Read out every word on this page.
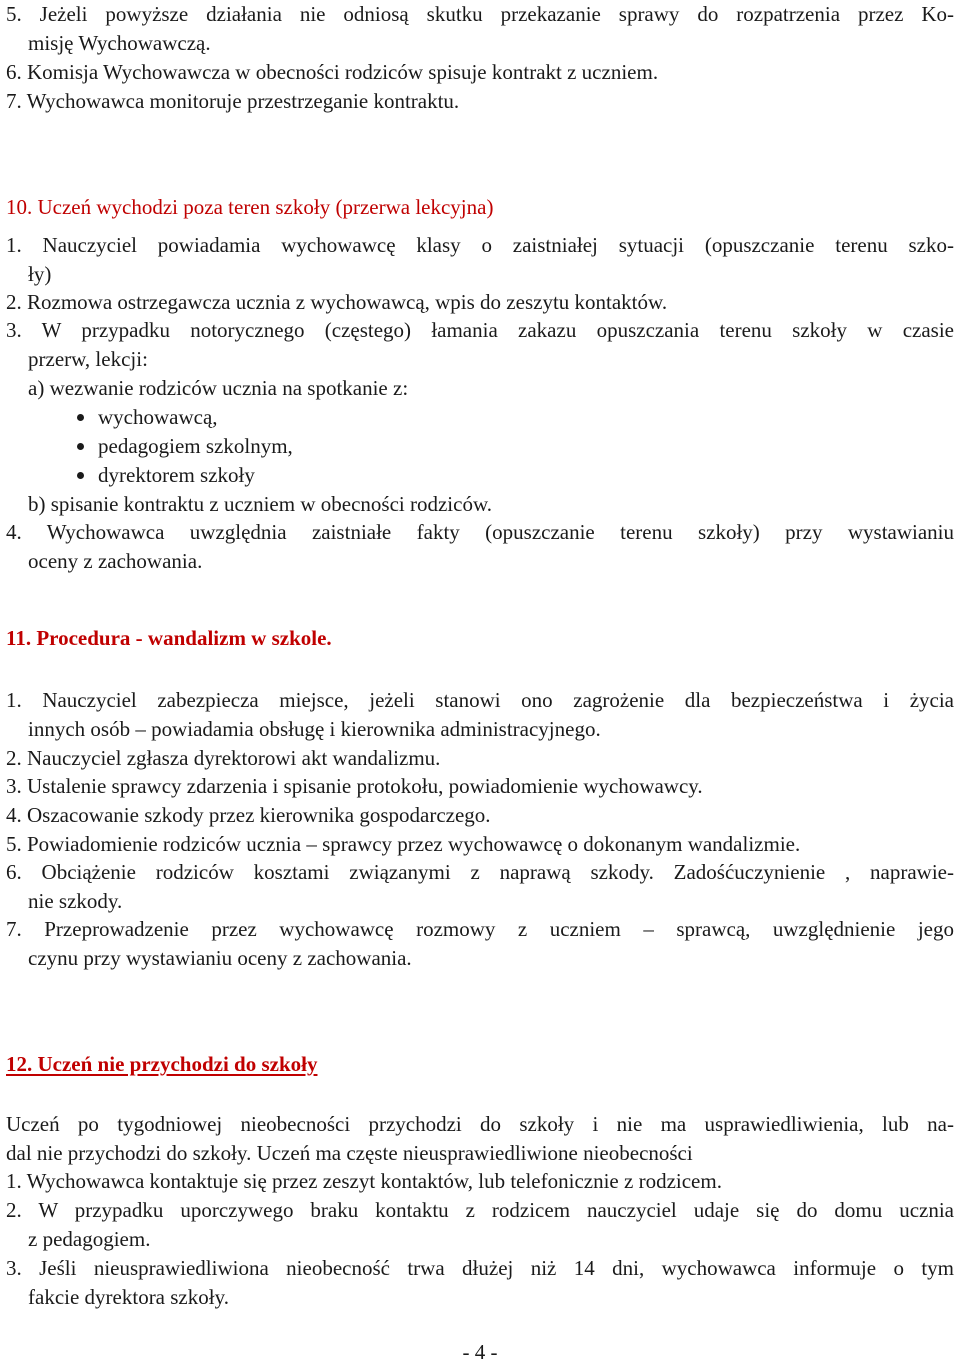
5. Jeżeli powyższe działania nie odniosą skutku przekazanie sprawy do rozpatrzenia przez Ko-
misję Wychowawczą.
6. Komisja Wychowawcza w obecności rodziców spisuje kontrakt z uczniem.
7. Wychowawca monitoruje przestrzeganie kontraktu.
10. Uczeń wychodzi poza teren szkoły (przerwa lekcyjna)
1. Nauczyciel powiadamia wychowawcę klasy o zaistniałej sytuacji (opuszczanie terenu szko-
ły)
2. Rozmowa ostrzegawcza ucznia z wychowawcą, wpis do zeszytu kontaktów.
3. W przypadku notorycznego (częstego) łamania zakazu opuszczania terenu szkoły w czasie
przerw, lekcji:
a) wezwanie rodziców ucznia na spotkanie z:
wychowawcą,
pedagogiem szkolnym,
dyrektorem szkoły
b) spisanie kontraktu z uczniem w obecności rodziców.
4. Wychowawca uwzględnia zaistniałe fakty (opuszczanie terenu szkoły) przy wystawianiu
oceny z zachowania.
11. Procedura - wandalizm w szkole.
1. Nauczyciel zabezpiecza miejsce, jeżeli stanowi ono zagrożenie dla bezpieczeństwa i życia
innych osób – powiadamia obsługę i kierownika administracyjnego.
2. Nauczyciel zgłasza dyrektorowi akt wandalizmu.
3. Ustalenie sprawcy zdarzenia i spisanie protokołu, powiadomienie wychowawcy.
4. Oszacowanie szkody przez kierownika gospodarczego.
5. Powiadomienie rodziców ucznia – sprawcy przez wychowawcę o dokonanym wandalizmie.
6. Obciążenie rodziców kosztami związanymi z naprawą szkody. Zadośćuczynienie , naprawie-
nie szkody.
7. Przeprowadzenie przez wychowawcę rozmowy z uczniem – sprawcą, uwzględnienie jego
czynu przy wystawianiu oceny z zachowania.
12. Uczeń nie przychodzi do szkoły
Uczeń po tygodniowej nieobecności przychodzi do szkoły i nie ma usprawiedliwienia, lub na-
dal nie przychodzi do szkoły. Uczeń ma częste nieusprawiedliwione nieobecności
1. Wychowawca kontaktuje się przez zeszyt kontaktów, lub telefonicznie z rodzicem.
2. W przypadku uporczywego braku kontaktu z rodzicem nauczyciel udaje się do domu ucznia
z pedagogiem.
3. Jeśli nieusprawiedliwiona nieobecność trwa dłużej niż 14 dni, wychowawca informuje o tym
fakcie dyrektora szkoły.
- 4 -
